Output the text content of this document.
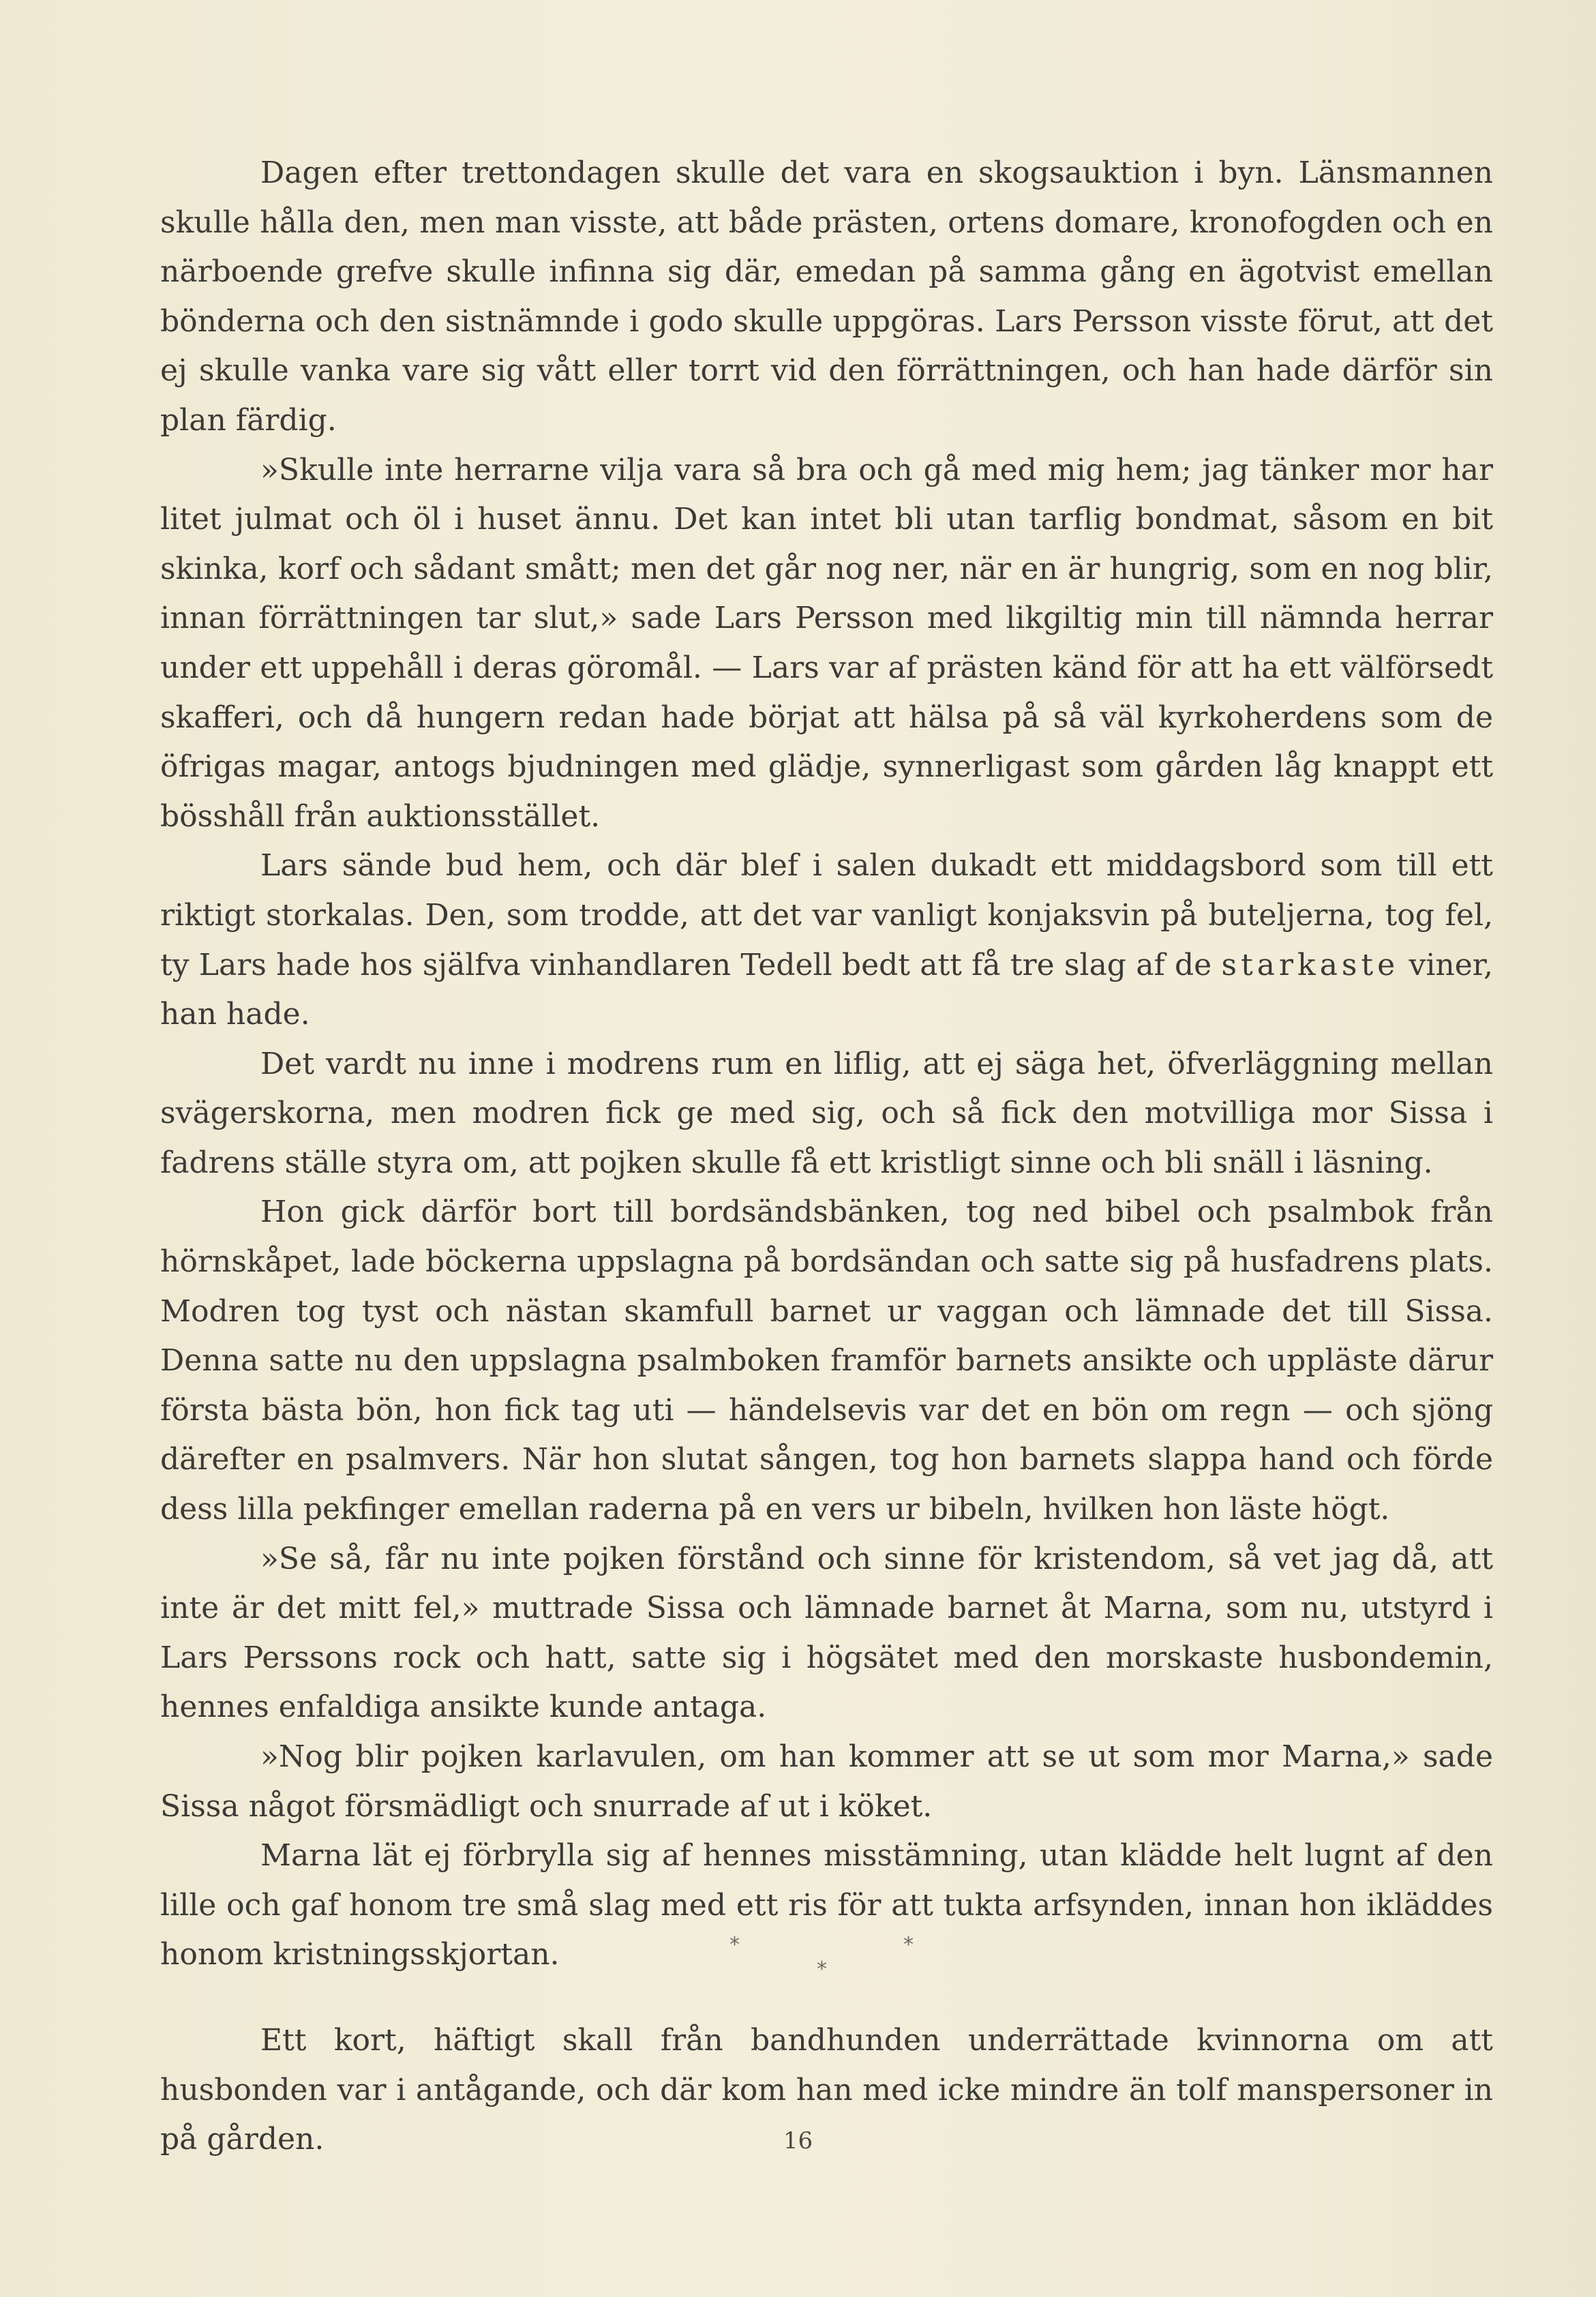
Dagen efter trettondagen skulle det vara en skogsauktion i byn. Länsmannen skulle hålla den, men man visste, att både prästen, ortens domare, kronofogden och en närboende grefve skulle infinna sig där, emedan på samma gång en ägotvist emellan bönderna och den sistnämnde i godo skulle uppgöras. Lars Persson visste förut, att det ej skulle vanka vare sig vått eller torrt vid den förrättningen, och han hade därför sin plan färdig.

»Skulle inte herrarne vilja vara så bra och gå med mig hem; jag tänker mor har litet julmat och öl i huset ännu. Det kan intet bli utan tarflig bondmat, såsom en bit skinka, korf och sådant smått; men det går nog ner, när en är hungrig, som en nog blir, innan förrättningen tar slut,» sade Lars Persson med likgiltig min till nämnda herrar under ett uppehåll i deras göromål. — Lars var af prästen känd för att ha ett välförsedt skafferi, och då hungern redan hade börjat att hälsa på så väl kyrkoherdens som de öfrigas magar, antogs bjudningen med glädje, synnerligast som gården låg knappt ett bösshåll från auktionsstället.

Lars sände bud hem, och där blef i salen dukadt ett middagsbord som till ett riktigt storkalas. Den, som trodde, att det var vanligt konjaksvin på buteljerna, tog fel, ty Lars hade hos själfva vinhandlaren Tedell bedt att få tre slag af de starkaste viner, han hade.

Det vardt nu inne i modrens rum en liflig, att ej säga het, öfverläggning mellan svägerskorna, men modren fick ge med sig, och så fick den motvilliga mor Sissa i fadrens ställe styra om, att pojken skulle få ett kristligt sinne och bli snäll i läsning.

Hon gick därför bort till bordsändsbänken, tog ned bibel och psalmbok från hörnskåpet, lade böckerna uppslagna på bordsändan och satte sig på husfadrens plats. Modren tog tyst och nästan skamfull barnet ur vaggan och lämnade det till Sissa. Denna satte nu den uppslagna psalmboken framför barnets ansikte och uppläste därur första bästa bön, hon fick tag uti — händelsevis var det en bön om regn — och sjöng därefter en psalmvers. När hon slutat sången, tog hon barnets slappa hand och förde dess lilla pekfinger emellan raderna på en vers ur bibeln, hvilken hon läste högt.

»Se så, får nu inte pojken förstånd och sinne för kristendom, så vet jag då, att inte är det mitt fel,» muttrade Sissa och lämnade barnet åt Marna, som nu, utstyrd i Lars Perssons rock och hatt, satte sig i högsätet med den morskaste husbondemin, hennes enfaldiga ansikte kunde antaga.

»Nog blir pojken karlavulen, om han kommer att se ut som mor Marna,» sade Sissa något försmädligt och snurrade af ut i köket.

Marna lät ej förbrylla sig af hennes misstämning, utan klädde helt lugnt af den lille och gaf honom tre små slag med ett ris för att tukta arfsynden, innan hon ikläddes honom kristningsskjortan.	*	*
*

Ett kort, häftigt skall från bandhunden underrättade kvinnorna om att husbonden var i antågande, och där kom han med icke mindre än tolf manspersoner in på gården.	16
